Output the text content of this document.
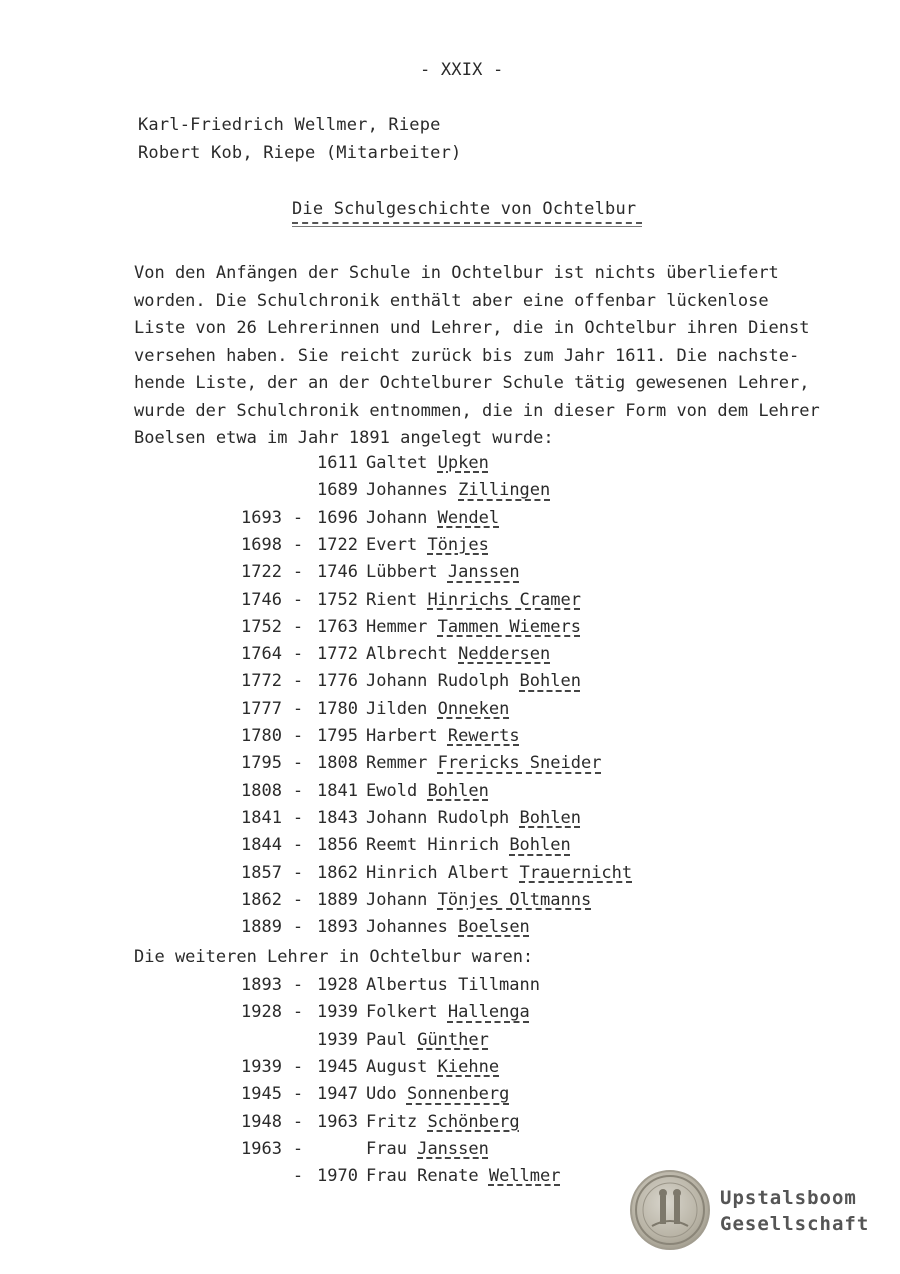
- XXIX -
Karl-Friedrich Wellmer, Riepe
Robert Kob, Riepe (Mitarbeiter)
Die Schulgeschichte von Ochtelbur
Von den Anfängen der Schule in Ochtelbur ist nichts überliefert
worden. Die Schulchronik enthält aber eine offenbar lückenlose
Liste von 26 Lehrerinnen und Lehrer, die in Ochtelbur ihren Dienst
versehen haben. Sie reicht zurück bis zum Jahr 1611. Die nachste-
hende Liste, der an der Ochtelburer Schule tätig gewesenen Lehrer,
wurde der Schulchronik entnommen, die in dieser Form von dem Lehrer
Boelsen etwa im Jahr 1891 angelegt wurde:
1611 Galtet Upken
1689 Johannes Zillingen
1693 - 1696 Johann Wendel
1698 - 1722 Evert Tönjes
1722 - 1746 Lübbert Janssen
1746 - 1752 Rient Hinrichs Cramer
1752 - 1763 Hemmer Tammen Wiemers
1764 - 1772 Albrecht Neddersen
1772 - 1776 Johann Rudolph Bohlen
1777 - 1780 Jilden Onneken
1780 - 1795 Harbert Rewerts
1795 - 1808 Remmer Frericks Sneider
1808 - 1841 Ewold Bohlen
1841 - 1843 Johann Rudolph Bohlen
1844 - 1856 Reemt Hinrich Bohlen
1857 - 1862 Hinrich Albert Trauernicht
1862 - 1889 Johann Tönjes Oltmanns
1889 - 1893 Johannes Boelsen
Die weiteren Lehrer in Ochtelbur waren:
1893 - 1928 Albertus Tillmann
1928 - 1939 Folkert Hallenga
1939 Paul Günther
1939 - 1945 August Kiehne
1945 - 1947 Udo Sonnenberg
1948 - 1963 Fritz Schönberg
1963 -	Frau Janssen
- 1970 Frau Renate Wellmer
Upstalsboom
Gesellschaft
